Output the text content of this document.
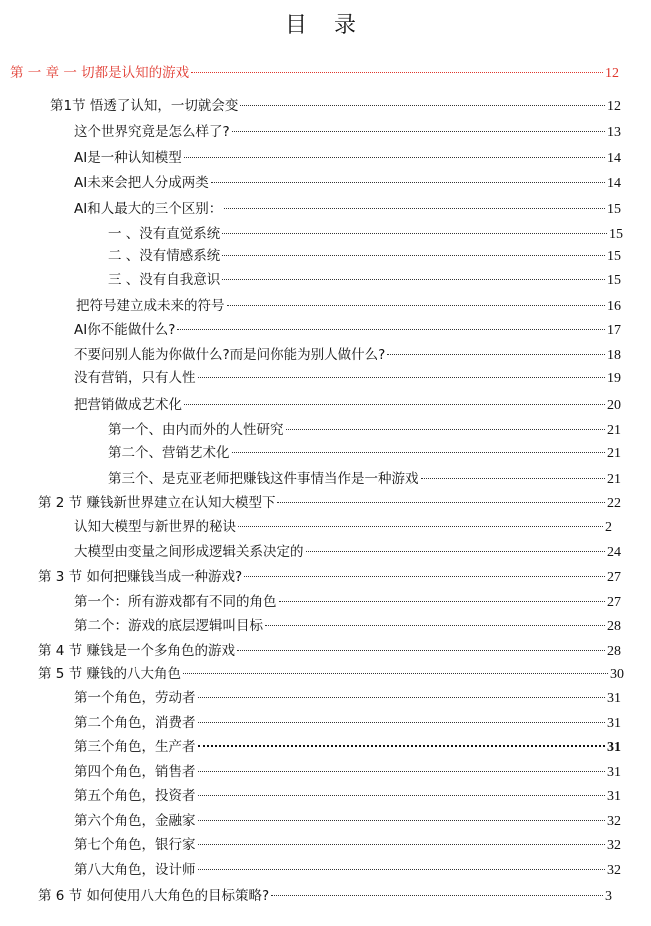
目 录
第 一 章 一 切都是认知的游戏	12
第1节 悟透了认知，一切就会变	12
这个世界究竟是怎么样了?	13
AI是一种认知模型	14
AI未来会把人分成两类	14
AI和人最大的三个区别：	15
一 、没有直觉系统	15
二 、没有情感系统	15
三 、没有自我意识	15
把符号建立成未来的符号	16
AI你不能做什么?	17
不要问别人能为你做什么?而是问你能为别人做什么?	18
没有营销，只有人性	19
把营销做成艺术化	20
第一个、由内而外的人性研究	21
第二个、营销艺术化	21
第三个、是克亚老师把赚钱这件事情当作是一种游戏	21
第 2 节 赚钱新世界建立在认知大模型下	22
认知大模型与新世界的秘诀	2
大模型由变量之间形成逻辑关系决定的	24
第 3 节 如何把赚钱当成一种游戏?	27
第一个：所有游戏都有不同的角色	27
第二个：游戏的底层逻辑叫目标	28
第 4 节 赚钱是一个多角色的游戏	28
第 5 节 赚钱的八大角色	30
第一个角色，劳动者	31
第二个角色，消费者	31
第三个角色，生产者	31
第四个角色，销售者	31
第五个角色，投资者	31
第六个角色，金融家	32
第七个角色，银行家	32
第八大角色，设计师	32
第 6 节 如何使用八大角色的目标策略?	3
